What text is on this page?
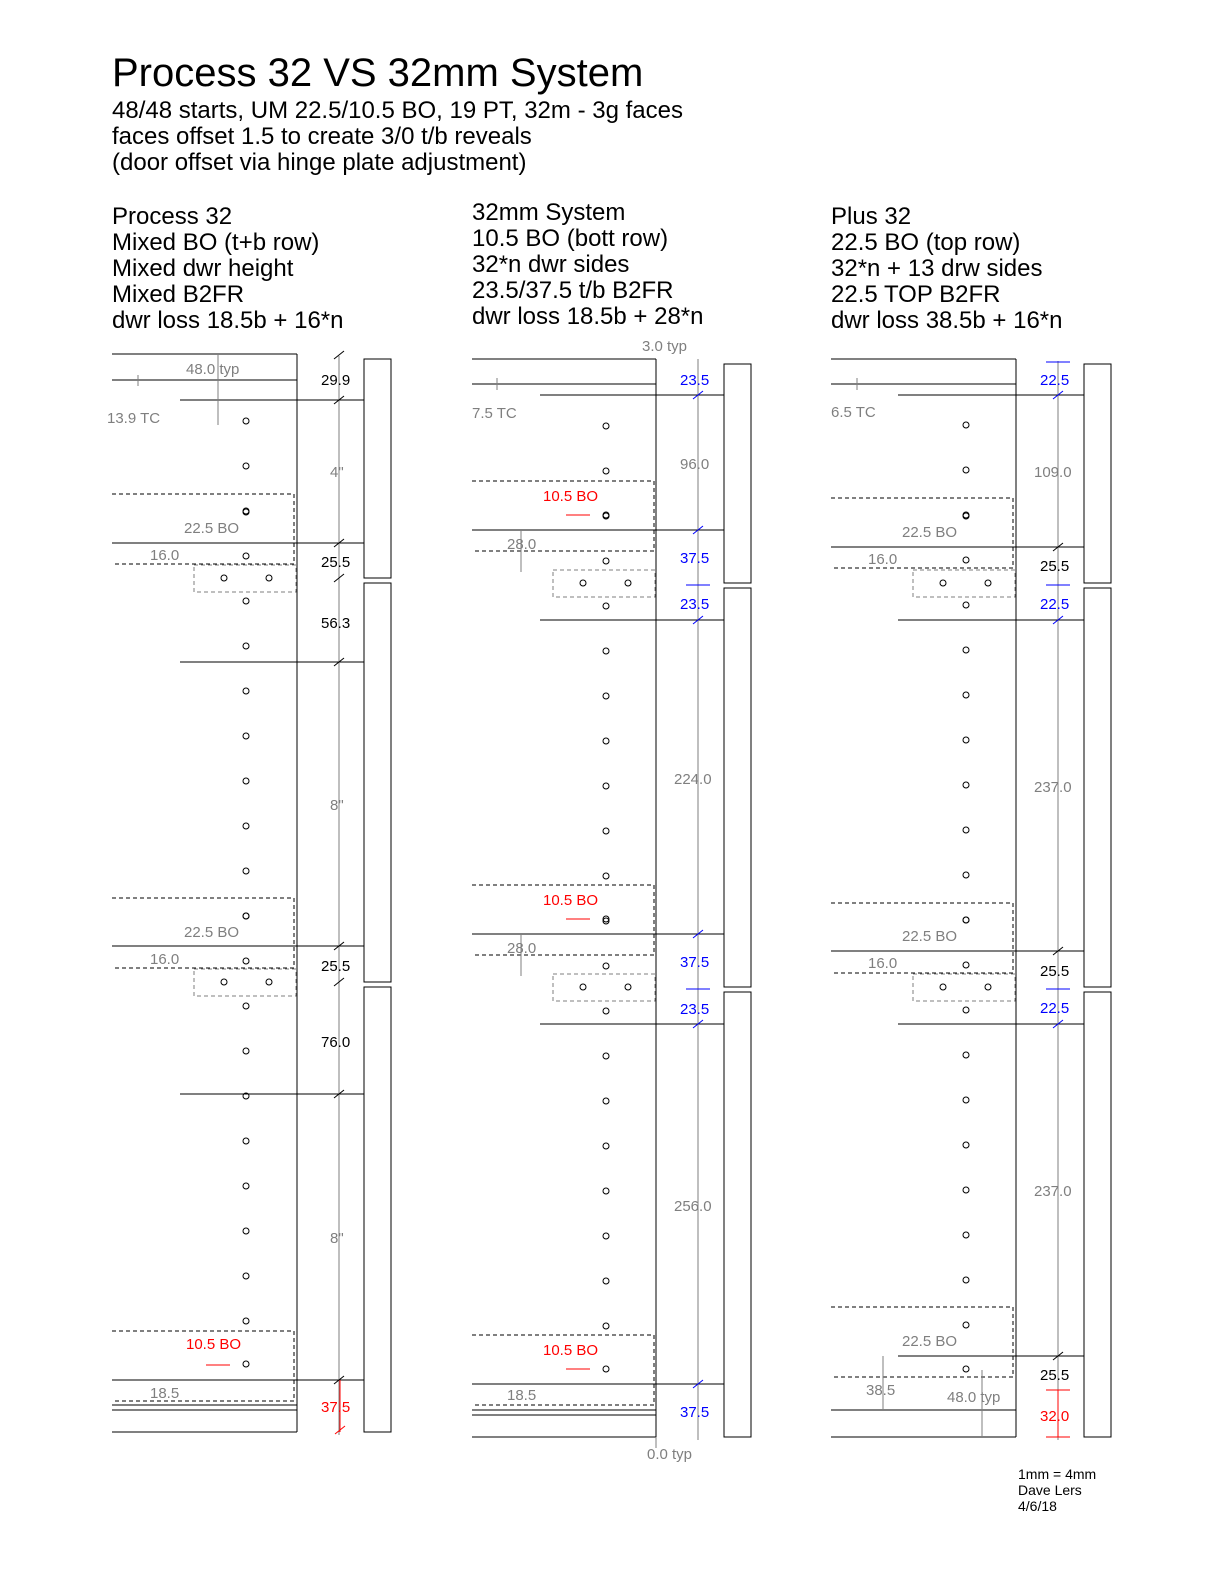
Process 32 VS 32mm System
48/48 starts, UM 22.5/10.5 BO, 19 PT, 32m - 3g faces
faces offset 1.5 to create 3/0 t/b reveals
(door offset via hinge plate adjustment)
Process 32
Mixed BO (t+b row)
Mixed dwr height
Mixed B2FR
dwr loss 18.5b + 16*n
32mm System
10.5 BO (bott row)
32*n dwr sides
23.5/37.5 t/b B2FR
dwr loss 18.5b + 28*n
Plus 32
22.5 BO (top row)
32*n + 13 drw sides
22.5 TOP B2FR
dwr loss 38.5b + 16*n
48.0 typ
13.9 TC
22.5 BO
16.0
22.5 BO
16.0
10.5 BO
18.5
3.0 typ
7.5 TC
10.5 BO
28.0
10.5 BO
28.0
10.5 BO
18.5
0.0 typ
6.5 TC
22.5 BO
16.0
22.5 BO
16.0
22.5 BO
38.5	48.0 typ
29.9
4"
25.5
56.3
8"
25.5
76.0
8"
37.5
23.5
96.0
37.5
23.5
224.0
37.5
23.5
256.0
37.5
22.5
109.0
25.5
22.5
237.0
25.5
22.5
237.0
25.5
32.0
1mm = 4mm
Dave Lers
4/6/18
